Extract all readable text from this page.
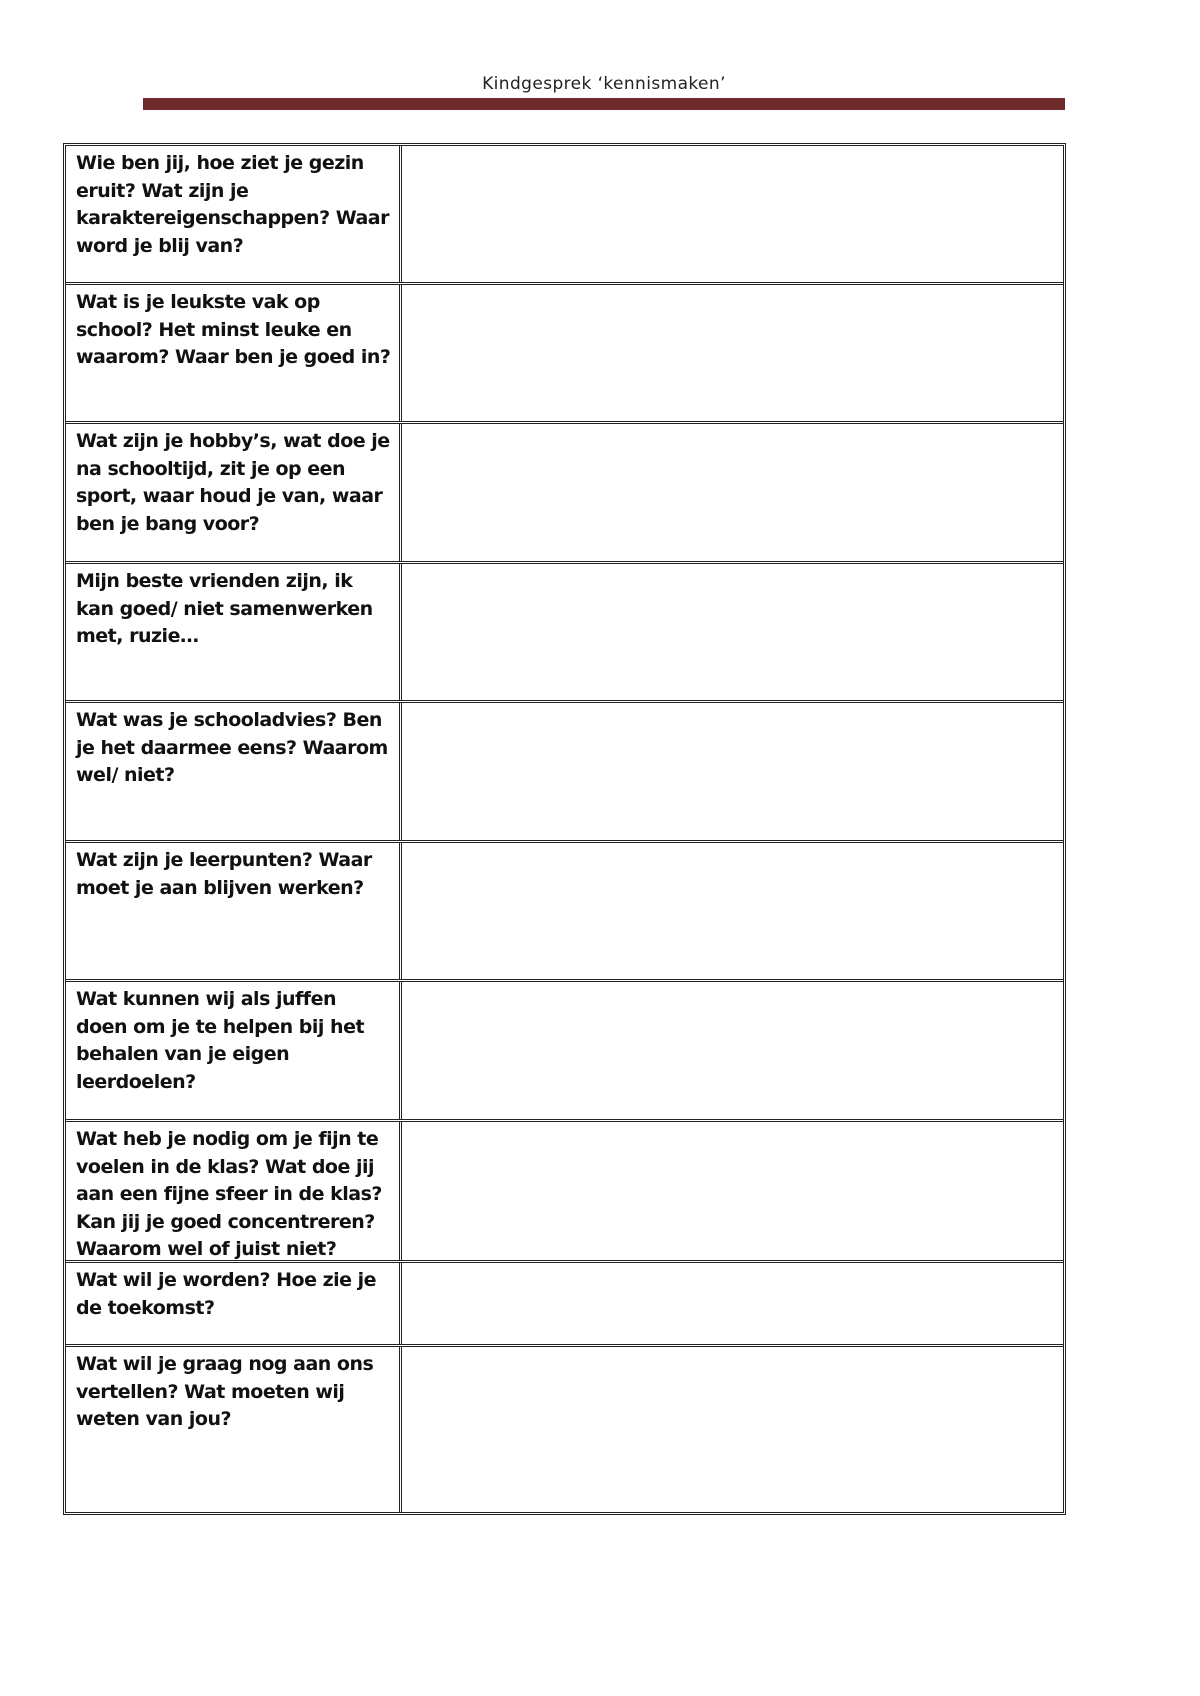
Kindgesprek ‘kennismaken’
Wie ben jij, hoe ziet je gezin eruit? Wat zijn je karaktereigenschappen? Waar word je blij van?
Wat is je leukste vak op school? Het minst leuke en waarom? Waar ben je goed in?
Wat zijn je hobby’s, wat doe je na schooltijd, zit je op een sport, waar houd je van, waar ben je bang voor?
Mijn beste vrienden zijn, ik kan goed/ niet samenwerken met, ruzie…
Wat was je schooladvies? Ben je het daarmee eens? Waarom wel/ niet?
Wat zijn je leerpunten? Waar moet je aan blijven werken?
Wat kunnen wij als juffen doen om je te helpen bij het behalen van je eigen leerdoelen?
Wat heb je nodig om je fijn te voelen in de klas? Wat doe jij aan een fijne sfeer in de klas? Kan jij je goed concentreren? Waarom wel of juist niet?
Wat wil je worden? Hoe zie je de toekomst?
Wat wil je graag nog aan ons vertellen? Wat moeten wij weten van jou?
